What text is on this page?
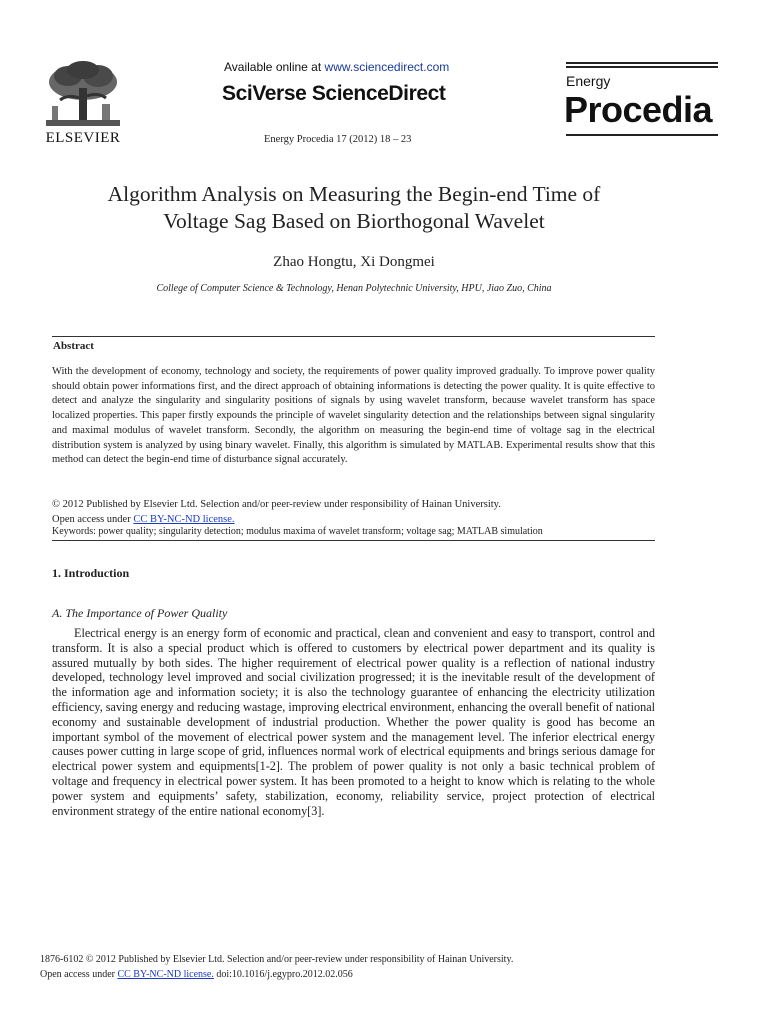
ELSEVIER
Available online at www.sciencedirect.com
SciVerse ScienceDirect
Energy Procedia 17 (2012) 18 – 23
Energy
Procedia
Algorithm Analysis on Measuring the Begin-end Time of
Voltage Sag Based on Biorthogonal Wavelet
Zhao Hongtu, Xi Dongmei
College of Computer Science & Technology, Henan Polytechnic University, HPU, Jiao Zuo, China
Abstract
With the development of economy, technology and society, the requirements of power quality improved gradually. To improve power quality should obtain power informations first, and the direct approach of obtaining informations is detecting the power quality. It is quite effective to detect and analyze the singularity and singularity positions of signals by using wavelet transform, because wavelet transform has space localized properties. This paper firstly expounds the principle of wavelet singularity detection and the relationships between signal singularity and maximal modulus of wavelet transform. Secondly, the algorithm on measuring the begin-end time of voltage sag in the electrical distribution system is analyzed by using binary wavelet. Finally, this algorithm is simulated by MATLAB. Experimental results show that this method can detect the begin-end time of disturbance signal accurately.
© 2012 Published by Elsevier Ltd. Selection and/or peer-review under responsibility of Hainan University.
Open access under CC BY-NC-ND license.
Keywords: power quality; singularity detection; modulus maxima of wavelet transform; voltage sag; MATLAB simulation
1. Introduction
A. The Importance of Power Quality
Electrical energy is an energy form of economic and practical, clean and convenient and easy to transport, control and transform. It is also a special product which is offered to customers by electrical power department and its quality is assured mutually by both sides. The higher requirement of electrical power quality is a reflection of national industry developed, technology level improved and social civilization progressed; it is the inevitable result of the development of the information age and information society; it is also the technology guarantee of enhancing the electricity utilization efficiency, saving energy and reducing wastage, improving electrical environment, enhancing the overall benefit of national economy and sustainable development of industrial production. Whether the power quality is good has become an important symbol of the movement of electrical power system and the management level. The inferior electrical energy causes power cutting in large scope of grid, influences normal work of electrical equipments and brings serious damage for electrical power system and equipments[1-2]. The problem of power quality is not only a basic technical problem of voltage and frequency in electrical power system. It has been promoted to a height to know which is relating to the whole power system and equipments’ safety, stabilization, economy, reliability service, project protection of electrical environment strategy of the entire national economy[3].
1876-6102 © 2012 Published by Elsevier Ltd. Selection and/or peer-review under responsibility of Hainan University.
Open access under CC BY-NC-ND license. doi:10.1016/j.egypro.2012.02.056
